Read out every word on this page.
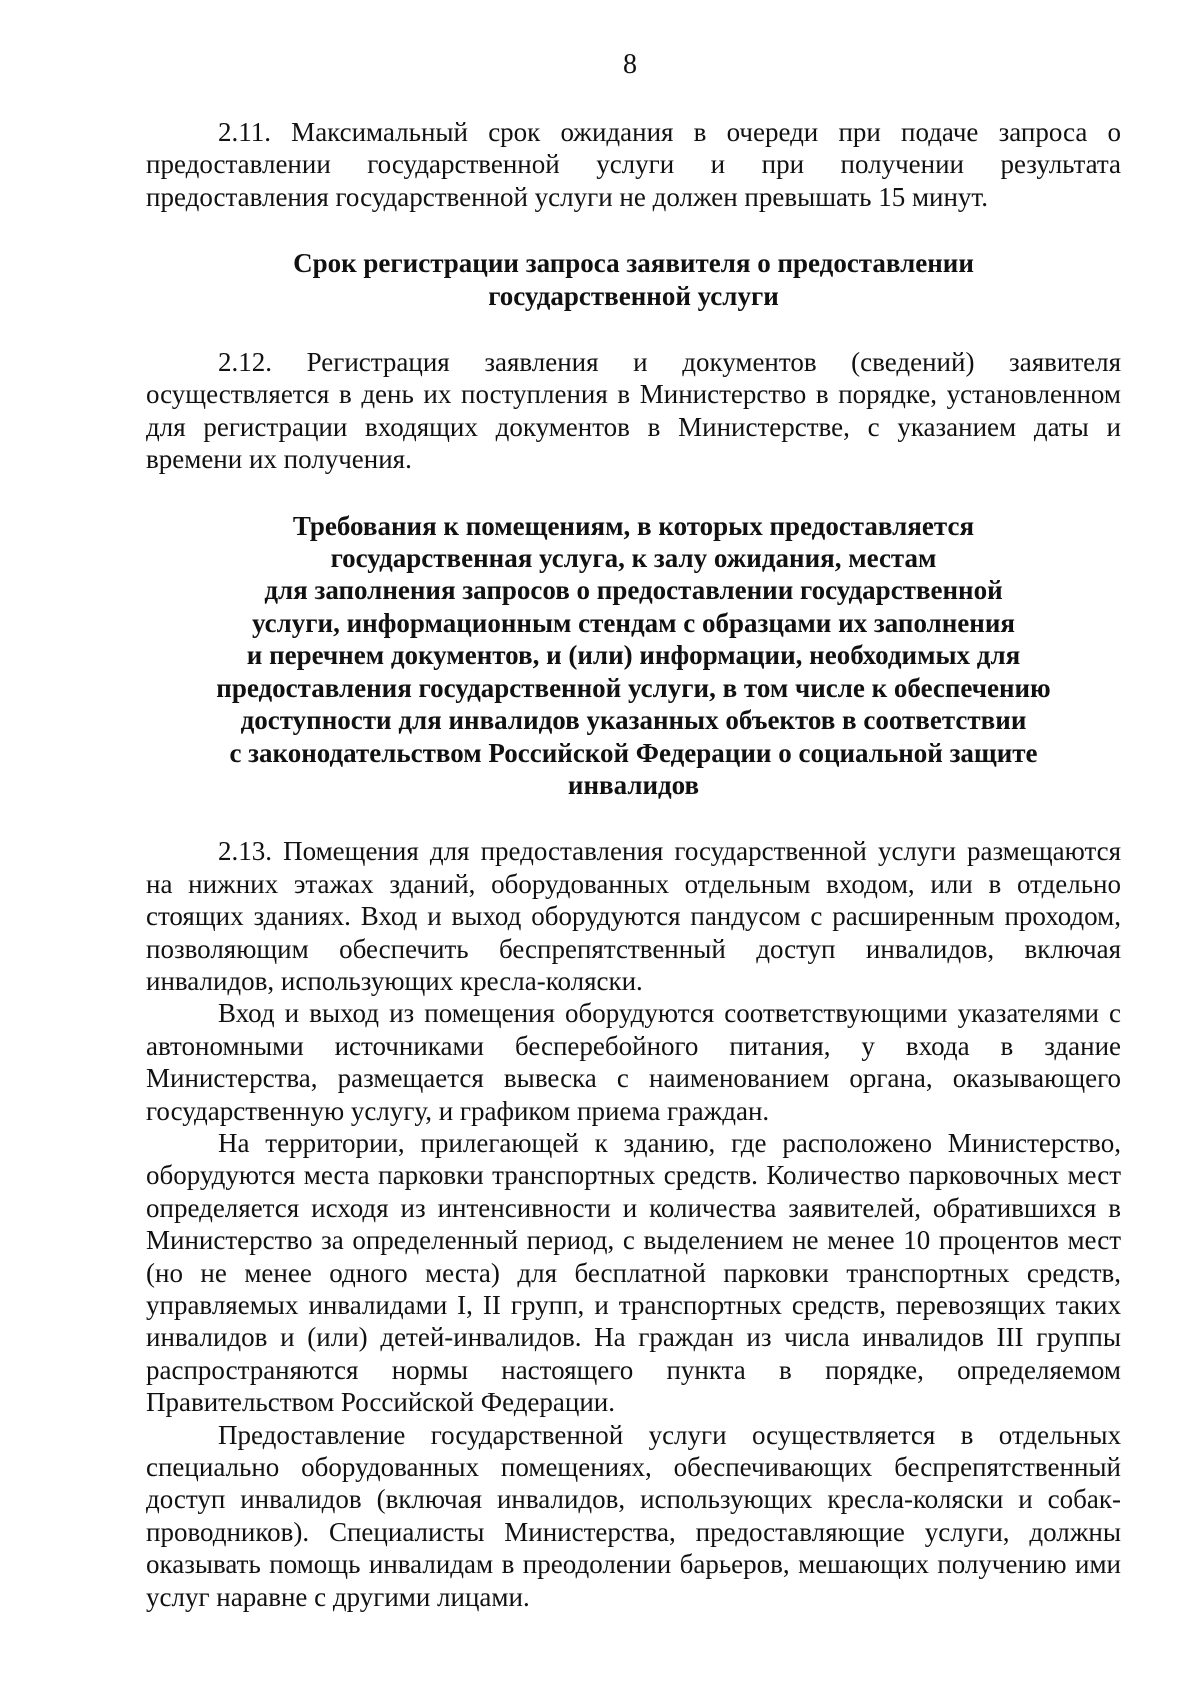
8

2.11. Максимальный срок ожидания в очереди при подаче запроса о предоставлении государственной услуги и при получении результата предоставления государственной услуги не должен превышать 15 минут.

Срок регистрации запроса заявителя о предоставлении
государственной услуги

2.12. Регистрация заявления и документов (сведений) заявителя осуществляется в день их поступления в Министерство в порядке, установленном для регистрации входящих документов в Министерстве, с указанием даты и времени их получения.

Требования к помещениям, в которых предоставляется
государственная услуга, к залу ожидания, местам
для заполнения запросов о предоставлении государственной
услуги, информационным стендам с образцами их заполнения
и перечнем документов, и (или) информации, необходимых для
предоставления государственной услуги, в том числе к обеспечению
доступности для инвалидов указанных объектов в соответствии
с законодательством Российской Федерации о социальной защите
инвалидов

2.13. Помещения для предоставления государственной услуги размещаются на нижних этажах зданий, оборудованных отдельным входом, или в отдельно стоящих зданиях. Вход и выход оборудуются пандусом с расширенным проходом, позволяющим обеспечить беспрепятственный доступ инвалидов, включая инвалидов, использующих кресла-коляски.

Вход и выход из помещения оборудуются соответствующими указателями с автономными источниками бесперебойного питания, у входа в здание Министерства, размещается вывеска с наименованием органа, оказывающего государственную услугу, и графиком приема граждан.

На территории, прилегающей к зданию, где расположено Министерство, оборудуются места парковки транспортных средств. Количество парковочных мест определяется исходя из интенсивности и количества заявителей, обратившихся в Министерство за определенный период, с выделением не менее 10 процентов мест (но не менее одного места) для бесплатной парковки транспортных средств, управляемых инвалидами I, II групп, и транспортных средств, перевозящих таких инвалидов и (или) детей-инвалидов. На граждан из числа инвалидов III группы распространяются нормы настоящего пункта в порядке, определяемом Правительством Российской Федерации.

Предоставление государственной услуги осуществляется в отдельных специально оборудованных помещениях, обеспечивающих беспрепятственный доступ инвалидов (включая инвалидов, использующих кресла-коляски и собак-проводников). Специалисты Министерства, предоставляющие услуги, должны оказывать помощь инвалидам в преодолении барьеров, мешающих получению ими услуг наравне с другими лицами.
